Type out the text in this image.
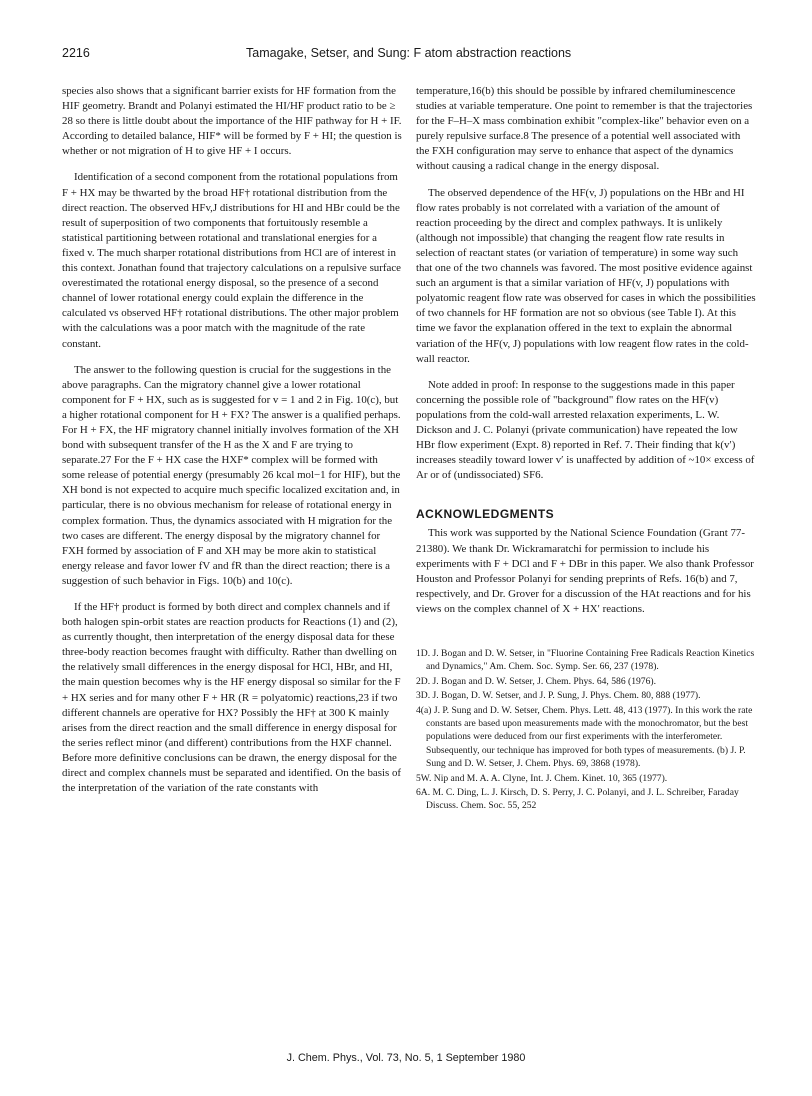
2216	Tamagake, Setser, and Sung: F atom abstraction reactions

species also shows that a significant barrier exists for HF formation from the HIF geometry. Brandt and Polanyi estimated the HI/HF product ratio to be ≥ 28 so there is little doubt about the importance of the HIF pathway for H + IF. According to detailed balance, HIF* will be formed by F + HI; the question is whether or not migration of H to give HF + I occurs.

Identification of a second component from the rotational populations from F + HX may be thwarted by the broad HF† rotational distribution from the direct reaction. The observed HFv,J distributions for HI and HBr could be the result of superposition of two components that fortuitously resemble a statistical partitioning between rotational and translational energies for a fixed v. The much sharper rotational distributions from HCl are of interest in this context. Jonathan found that trajectory calculations on a repulsive surface overestimated the rotational energy disposal, so the presence of a second channel of lower rotational energy could explain the difference in the calculated vs observed HF† rotational distributions. The other major problem with the calculations was a poor match with the magnitude of the rate constant.

The answer to the following question is crucial for the suggestions in the above paragraphs. Can the migratory channel give a lower rotational component for F + HX, such as is suggested for v = 1 and 2 in Fig. 10(c), but a higher rotational component for H + FX? The answer is a qualified perhaps. For H + FX, the HF migratory channel initially involves formation of the XH bond with subsequent transfer of the H as the X and F are trying to separate.27 For the F + HX case the HXF* complex will be formed with some release of potential energy (presumably 26 kcal mol−1 for HIF), but the XH bond is not expected to acquire much specific localized excitation and, in particular, there is no obvious mechanism for release of rotational energy in complex formation. Thus, the dynamics associated with H migration for the two cases are different. The energy disposal by the migratory channel for FXH formed by association of F and XH may be more akin to statistical energy release and favor lower fV and fR than the direct reaction; there is a suggestion of such behavior in Figs. 10(b) and 10(c).

If the HF† product is formed by both direct and complex channels and if both halogen spin-orbit states are reaction products for Reactions (1) and (2), as currently thought, then interpretation of the energy disposal data for these three-body reaction becomes fraught with difficulty. Rather than dwelling on the relatively small differences in the energy disposal for HCl, HBr, and HI, the main question becomes why is the HF energy disposal so similar for the F + HX series and for many other F + HR (R = polyatomic) reactions,23 if two different channels are operative for HX? Possibly the HF† at 300 K mainly arises from the direct reaction and the small difference in energy disposal for the series reflect minor (and different) contributions from the HXF channel. Before more definitive conclusions can be drawn, the energy disposal for the direct and complex channels must be separated and identified. On the basis of the interpretation of the variation of the rate constants with

temperature,16(b) this should be possible by infrared chemiluminescence studies at variable temperature. One point to remember is that the trajectories for the F–H–X mass combination exhibit "complex-like" behavior even on a purely repulsive surface.8 The presence of a potential well associated with the FXH configuration may serve to enhance that aspect of the dynamics without causing a radical change in the energy disposal.

The observed dependence of the HF(v, J) populations on the HBr and HI flow rates probably is not correlated with a variation of the amount of reaction proceeding by the direct and complex pathways. It is unlikely (although not impossible) that changing the reagent flow rate results in selection of reactant states (or variation of temperature) in some way such that one of the two channels was favored. The most positive evidence against such an argument is that a similar variation of HF(v, J) populations with polyatomic reagent flow rate was observed for cases in which the possibilities of two channels for HF formation are not so obvious (see Table I). At this time we favor the explanation offered in the text to explain the abnormal variation of the HF(v, J) populations with low reagent flow rates in the cold-wall reactor.

Note added in proof: In response to the suggestions made in this paper concerning the possible role of "background" flow rates on the HF(v) populations from the cold-wall arrested relaxation experiments, L. W. Dickson and J. C. Polanyi (private communication) have repeated the low HBr flow experiment (Expt. 8) reported in Ref. 7. Their finding that k(v′) increases steadily toward lower v′ is unaffected by addition of ~10× excess of Ar or of (undissociated) SF6.

ACKNOWLEDGMENTS

This work was supported by the National Science Foundation (Grant 77-21380). We thank Dr. Wickramaratchi for permission to include his experiments with F + DCl and F + DBr in this paper. We also thank Professor Houston and Professor Polanyi for sending preprints of Refs. 16(b) and 7, respectively, and Dr. Grover for a discussion of the HAt reactions and for his views on the complex channel of X + HX′ reactions.

1D. J. Bogan and D. W. Setser, in "Fluorine Containing Free Radicals Reaction Kinetics and Dynamics," Am. Chem. Soc. Symp. Ser. 66, 237 (1978).
2D. J. Bogan and D. W. Setser, J. Chem. Phys. 64, 586 (1976).
3D. J. Bogan, D. W. Setser, and J. P. Sung, J. Phys. Chem. 80, 888 (1977).
4(a) J. P. Sung and D. W. Setser, Chem. Phys. Lett. 48, 413 (1977). In this work the rate constants are based upon measurements made with the monochromator, but the best populations were deduced from our first experiments with the interferometer. Subsequently, our technique has improved for both types of measurements. (b) J. P. Sung and D. W. Setser, J. Chem. Phys. 69, 3868 (1978).
5W. Nip and M. A. A. Clyne, Int. J. Chem. Kinet. 10, 365 (1977).
6A. M. C. Ding, L. J. Kirsch, D. S. Perry, J. C. Polanyi, and J. L. Schreiber, Faraday Discuss. Chem. Soc. 55, 252
J. Chem. Phys., Vol. 73, No. 5, 1 September 1980
